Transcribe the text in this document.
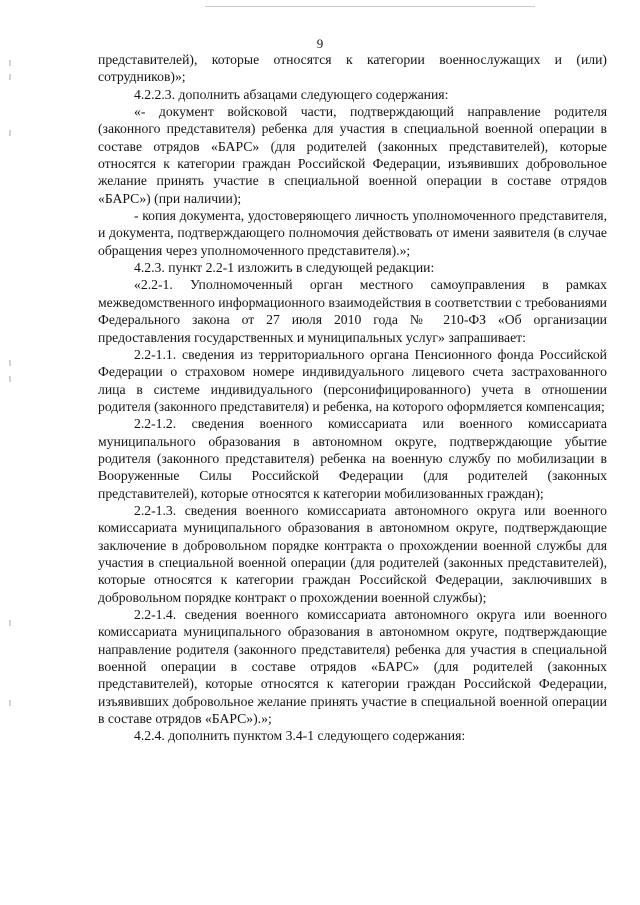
9

представителей), которые относятся к категории военнослужащих и (или) сотрудников)»;

4.2.2.3. дополнить абзацами следующего содержания:

«- документ войсковой части, подтверждающий направление родителя (законного представителя) ребенка для участия в специальной военной операции в составе отрядов «БАРС» (для родителей (законных представителей), которые относятся к категории граждан Российской Федерации, изъявивших добровольное желание принять участие в специальной военной операции в составе отрядов «БАРС») (при наличии);

- копия документа, удостоверяющего личность уполномоченного представителя, и документа, подтверждающего полномочия действовать от имени заявителя (в случае обращения через уполномоченного представителя).»;

4.2.3. пункт 2.2-1 изложить в следующей редакции:

«2.2-1. Уполномоченный орган местного самоуправления в рамках межведомственного информационного взаимодействия в соответствии с требованиями Федерального закона от 27 июля 2010 года № 210-ФЗ «Об организации предоставления государственных и муниципальных услуг» запрашивает:

2.2-1.1. сведения из территориального органа Пенсионного фонда Российской Федерации о страховом номере индивидуального лицевого счета застрахованного лица в системе индивидуального (персонифицированного) учета в отношении родителя (законного представителя) и ребенка, на которого оформляется компенсация;

2.2-1.2. сведения военного комиссариата или военного комиссариата муниципального образования в автономном округе, подтверждающие убытие родителя (законного представителя) ребенка на военную службу по мобилизации в Вооруженные Силы Российской Федерации (для родителей (законных представителей), которые относятся к категории мобилизованных граждан);

2.2-1.3. сведения военного комиссариата автономного округа или военного комиссариата муниципального образования в автономном округе, подтверждающие заключение в добровольном порядке контракта о прохождении военной службы для участия в специальной военной операции (для родителей (законных представителей), которые относятся к категории граждан Российской Федерации, заключивших в добровольном порядке контракт о прохождении военной службы);

2.2-1.4. сведения военного комиссариата автономного округа или военного комиссариата муниципального образования в автономном округе, подтверждающие направление родителя (законного представителя) ребенка для участия в специальной военной операции в составе отрядов «БАРС» (для родителей (законных представителей), которые относятся к категории граждан Российской Федерации, изъявивших добровольное желание принять участие в специальной военной операции в составе отрядов «БАРС»).»;

4.2.4. дополнить пунктом 3.4-1 следующего содержания:
